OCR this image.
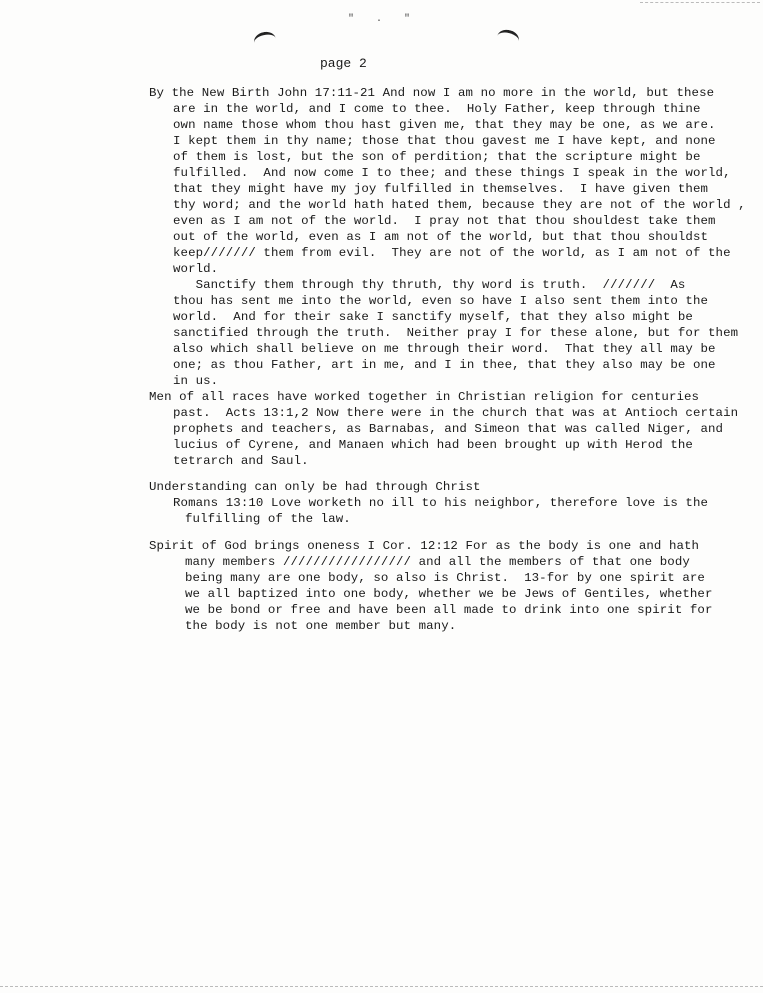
" . "
page 2
By the New Birth John 17:11-21 And now I am no more in the world, but these
are in the world, and I come to thee.  Holy Father, keep through thine
own name those whom thou hast given me, that they may be one, as we are.
I kept them in thy name; those that thou gavest me I have kept, and none
of them is lost, but the son of perdition; that the scripture might be
fulfilled.  And now come I to thee; and these things I speak in the world,
that they might have my joy fulfilled in themselves.  I have given them
thy word; and the world hath hated them, because they are not of the world ,
even as I am not of the world.  I pray not that thou shouldest take them
out of the world, even as I am not of the world, but that thou shouldst
keep/////// them from evil.  They are not of the world, as I am not of the
world.
Sanctify them through thy thruth, thy word is truth.  ///////  As
thou has sent me into the world, even so have I also sent them into the
world.  And for their sake I sanctify myself, that they also might be
sanctified through the truth.  Neither pray I for these alone, but for them
also which shall believe on me through their word.  That they all may be
one; as thou Father, art in me, and I in thee, that they also may be one
in us.
Men of all races have worked together in Christian religion for centuries
past.  Acts 13:1,2 Now there were in the church that was at Antioch certain
prophets and teachers, as Barnabas, and Simeon that was called Niger, and
lucius of Cyrene, and Manaen which had been brought up with Herod the
tetrarch and Saul.
Understanding can only be had through Christ
Romans 13:10 Love worketh no ill to his neighbor, therefore love is the
fulfilling of the law.
Spirit of God brings oneness I Cor. 12:12 For as the body is one and hath
many members ///////////////// and all the members of that one body
being many are one body, so also is Christ.  13-for by one spirit are
we all baptized into one body, whether we be Jews of Gentiles, whether
we be bond or free and have been all made to drink into one spirit for
the body is not one member but many.
